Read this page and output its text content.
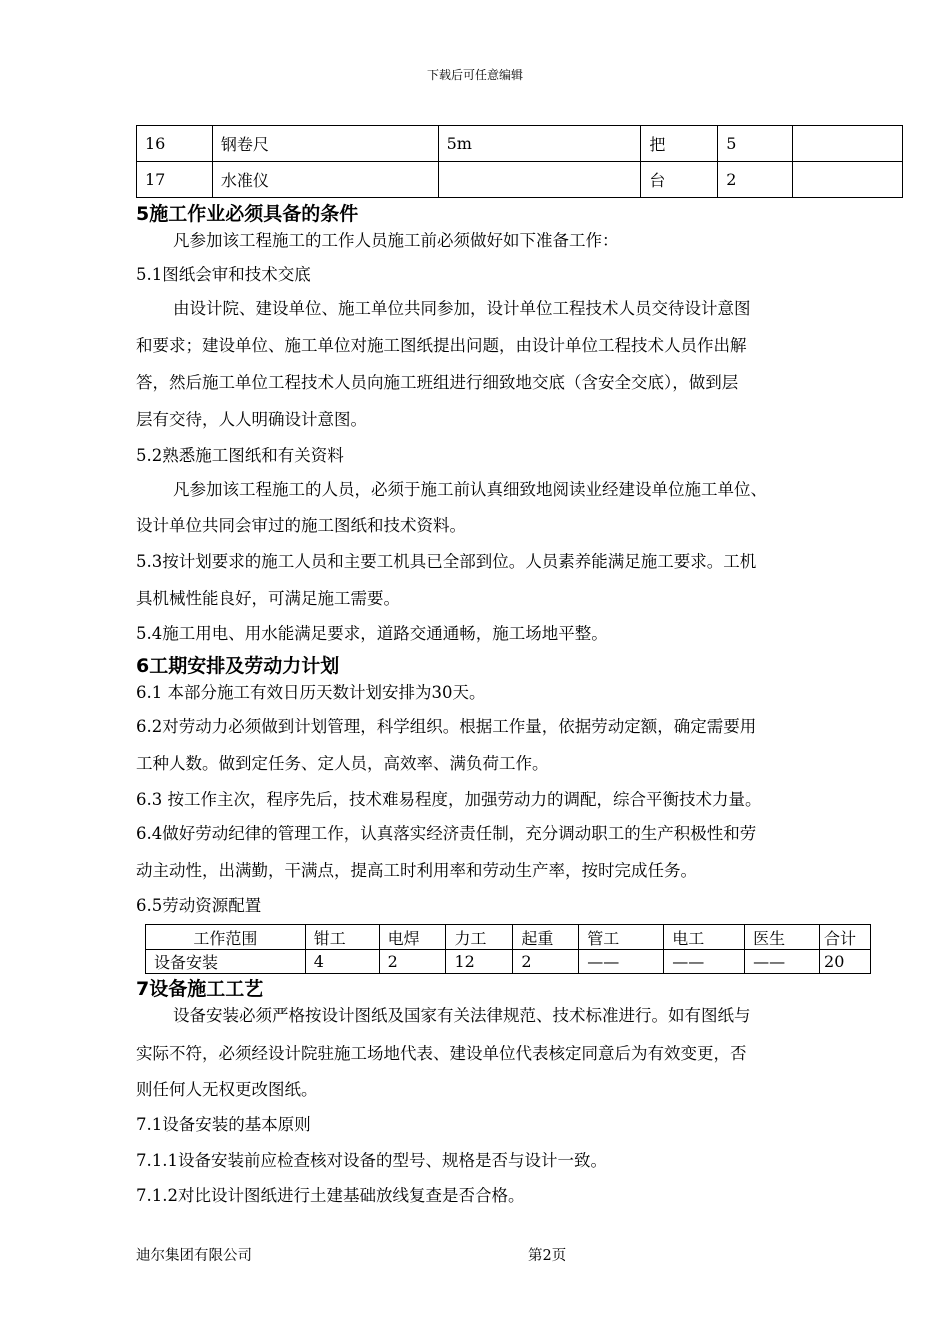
下载后可任意编辑
16	钢卷尺	5m	把	5	
17	水准仪		台	2	
5施工作业必须具备的条件
凡参加该工程施工的工作人员施工前必须做好如下准备工作：
5.1图纸会审和技术交底
由设计院、建设单位、施工单位共同参加，设计单位工程技术人员交待设计意图
和要求；建设单位、施工单位对施工图纸提出问题，由设计单位工程技术人员作出解
答，然后施工单位工程技术人员向施工班组进行细致地交底（含安全交底），做到层
层有交待，人人明确设计意图。
5.2熟悉施工图纸和有关资料
凡参加该工程施工的人员，必须于施工前认真细致地阅读业经建设单位施工单位、
设计单位共同会审过的施工图纸和技术资料。
5.3按计划要求的施工人员和主要工机具已全部到位。人员素养能满足施工要求。工机
具机械性能良好，可满足施工需要。
5.4施工用电、用水能满足要求，道路交通通畅，施工场地平整。
6工期安排及劳动力计划
6.1 本部分施工有效日历天数计划安排为30天。
6.2对劳动力必须做到计划管理，科学组织。根据工作量，依据劳动定额，确定需要用
工种人数。做到定任务、定人员，高效率、满负荷工作。
6.3 按工作主次，程序先后，技术难易程度，加强劳动力的调配，综合平衡技术力量。
6.4做好劳动纪律的管理工作，认真落实经济责任制，充分调动职工的生产积极性和劳
动主动性，出满勤，干满点，提高工时利用率和劳动生产率，按时完成任务。
6.5劳动资源配置
工作范围	钳工	电焊	力工	起重	管工	电工	医生	合计
设备安装	4	2	12	2	——	——	——	20
7设备施工工艺
设备安装必须严格按设计图纸及国家有关法律规范、技术标准进行。如有图纸与
实际不符，必须经设计院驻施工场地代表、建设单位代表核定同意后为有效变更，否
则任何人无权更改图纸。
7.1设备安装的基本原则
7.1.1设备安装前应检查核对设备的型号、规格是否与设计一致。
7.1.2对比设计图纸进行土建基础放线复查是否合格。
迪尔集团有限公司	第2页
